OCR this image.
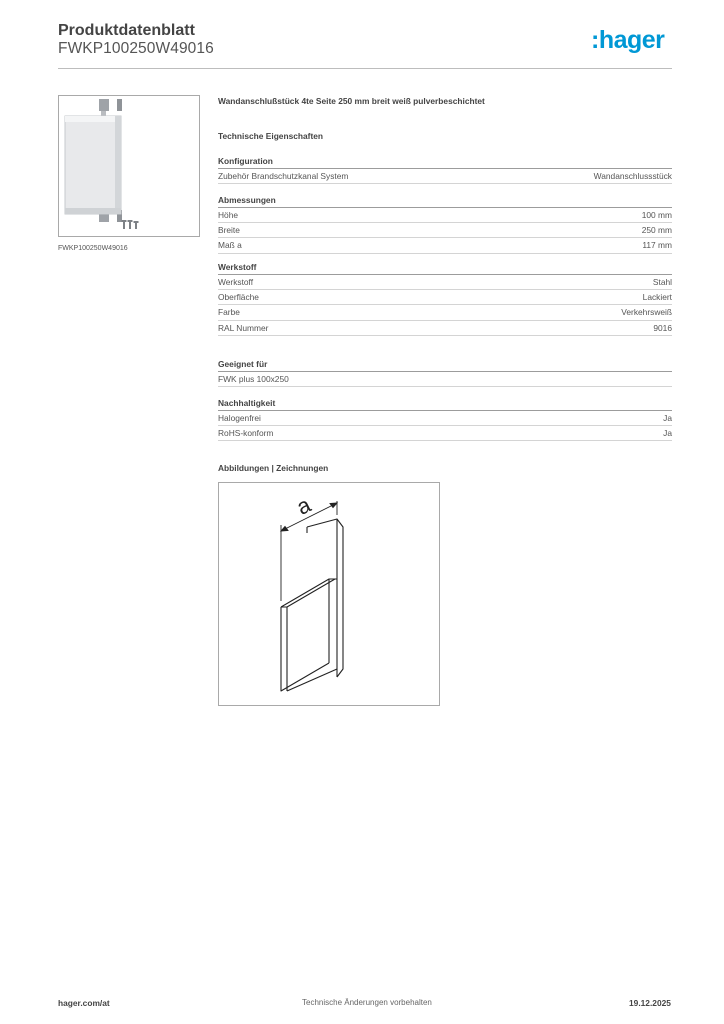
Produktdatenblatt
FWKP100250W49016	:hager
FWKP100250W49016
Wandanschlußstück 4te Seite 250 mm breit weiß pulverbeschichtet
Technische Eigenschaften
Konfiguration
Zubehör Brandschutzkanal System	Wandanschlussstück
Abmessungen
Höhe	100 mm
Breite	250 mm
Maß a	117 mm
Werkstoff
Werkstoff	Stahl
Oberfläche	Lackiert
Farbe	Verkehrsweiß
RAL Nummer	9016
Geeignet für
FWK plus 100x250
Nachhaltigkeit
Halogenfrei	Ja
RoHS-konform	Ja
Abbildungen | Zeichnungen
a
hager.com/at	Technische Änderungen vorbehalten	19.12.2025
